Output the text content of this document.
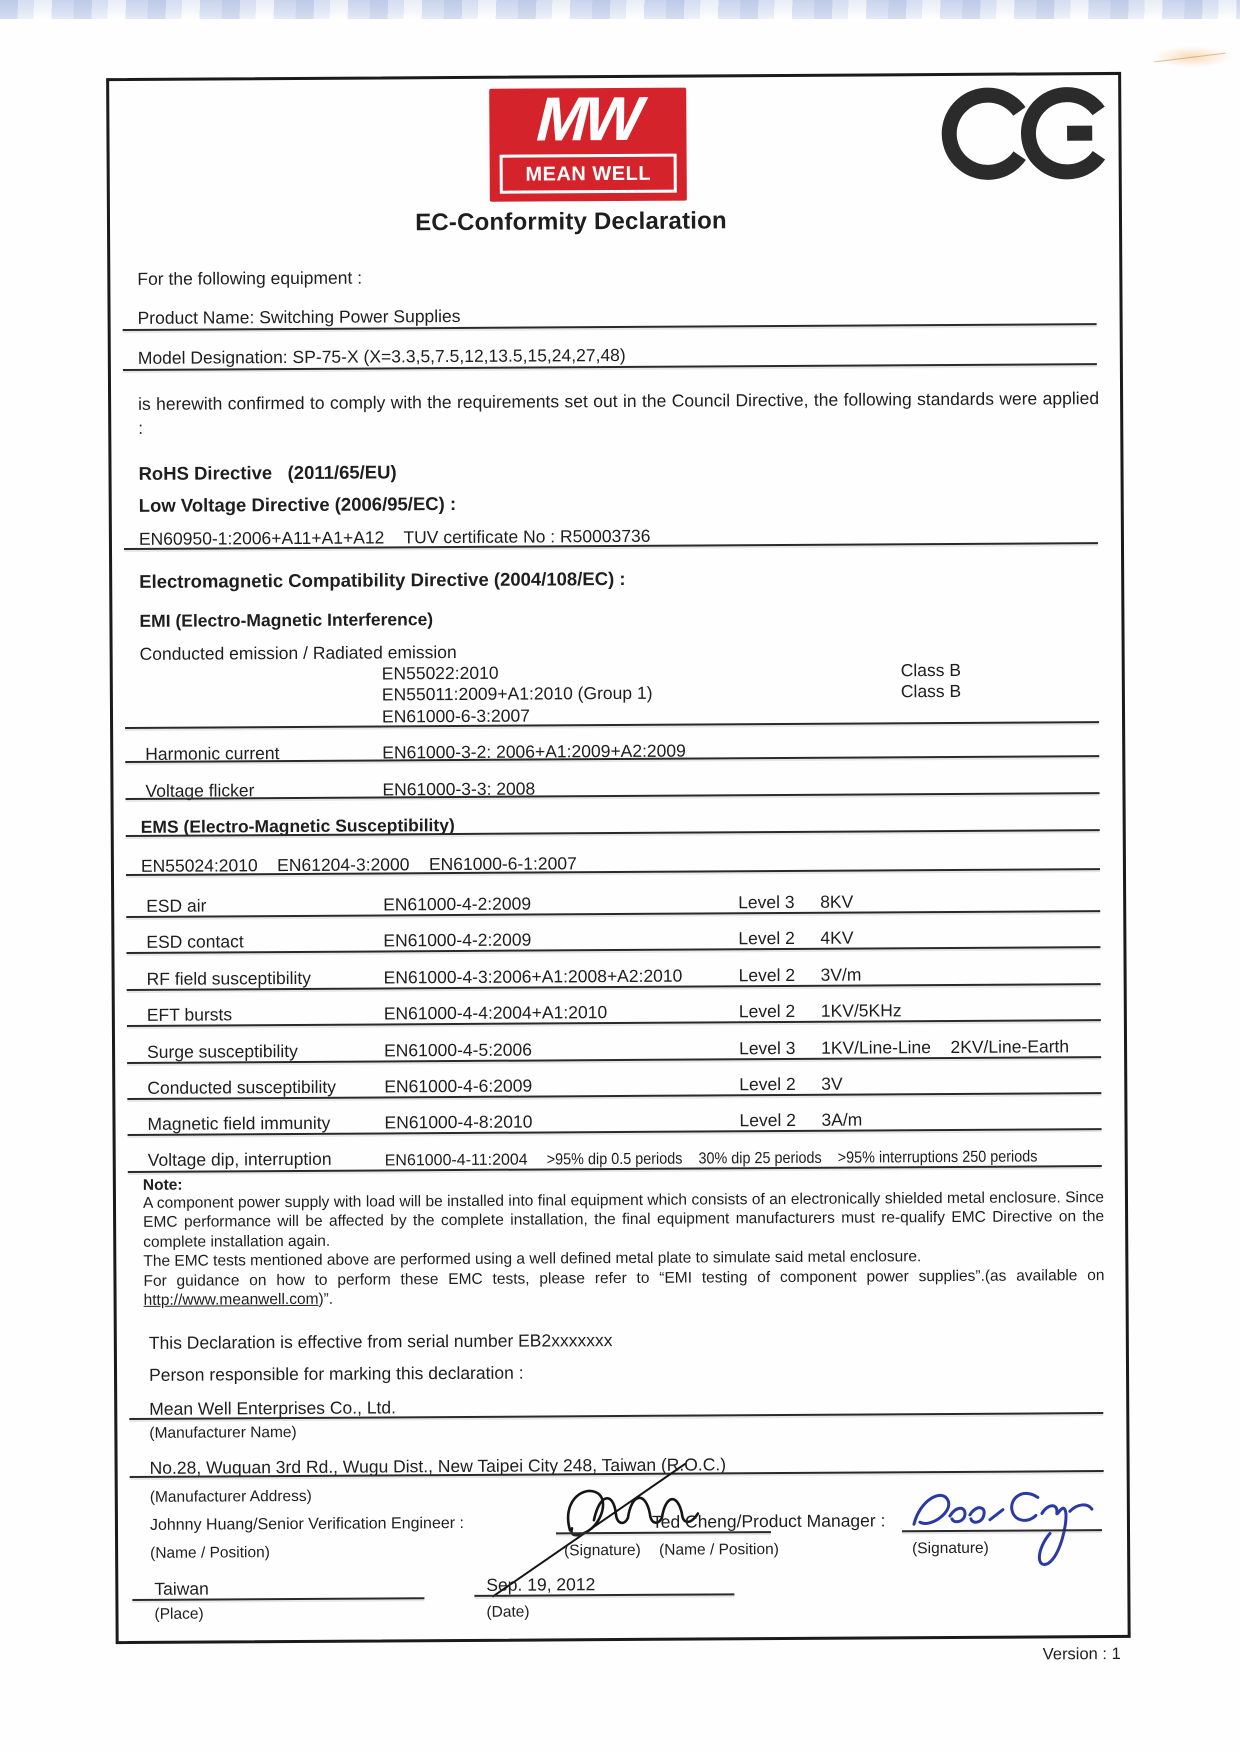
MW
MEAN WELL
EC-Conformity Declaration
For the following equipment :
Product Name: Switching Power Supplies
Model Designation: SP-75-X (X=3.3,5,7.5,12,13.5,15,24,27,48)
is herewith confirmed to comply with the requirements set out in the Council Directive, the following standards were applied :
RoHS Directive   (2011/65/EU)
Low Voltage Directive (2006/95/EC) :
EN60950-1:2006+A11+A1+A12    TUV certificate No : R50003736
Electromagnetic Compatibility Directive (2004/108/EC) :
EMI (Electro-Magnetic Interference)
Conducted emission / Radiated emission
EN55022:2010	Class B
EN55011:2009+A1:2010 (Group 1)	Class B
EN61000-6-3:2007
Harmonic current	EN61000-3-2: 2006+A1:2009+A2:2009
Voltage flicker	EN61000-3-3: 2008
EMS (Electro-Magnetic Susceptibility)
EN55024:2010    EN61204-3:2000    EN61000-6-1:2007
ESD air	EN61000-4-2:2009	Level 3 8KV
ESD contact	EN61000-4-2:2009	Level 2 4KV
RF field susceptibility	EN61000-4-3:2006+A1:2008+A2:2010	Level 2 3V/m
EFT bursts	EN61000-4-4:2004+A1:2010	Level 2 1KV/5KHz
Surge susceptibility	EN61000-4-5:2006	Level 3 1KV/Line-Line    2KV/Line-Earth
Conducted susceptibility	EN61000-4-6:2009	Level 2 3V
Magnetic field immunity	EN61000-4-8:2010	Level 2 3A/m
Voltage dip, interruption	EN61000-4-11:2004 >95% dip 0.5 periods    30% dip 25 periods    >95% interruptions 250 periods
Note:

A component power supply with load will be installed into final equipment which consists of an electronically shielded metal enclosure. Since EMC performance will be affected by the complete installation, the final equipment manufacturers must re-qualify EMC Directive on the complete installation again.

The EMC tests mentioned above are performed using a well defined metal plate to simulate said metal enclosure.

For guidance on how to perform these EMC tests, please refer to “EMI testing of component power supplies”.(as available on http://www.meanwell.com)”.

This Declaration is effective from serial number EB2xxxxxxx
Person responsible for marking this declaration :
Mean Well Enterprises Co., Ltd.
(Manufacturer Name)
No.28, Wuquan 3rd Rd., Wugu Dist., New Taipei City 248, Taiwan (R.O.C.)
(Manufacturer Address)
Johnny Huang/Senior Verification Engineer :	Ted Cheng/Product Manager :
(Name / Position)	(Signature) (Name / Position)	(Signature)
Taiwan
(Place)
Sep. 19, 2012
(Date)
Version : 1
